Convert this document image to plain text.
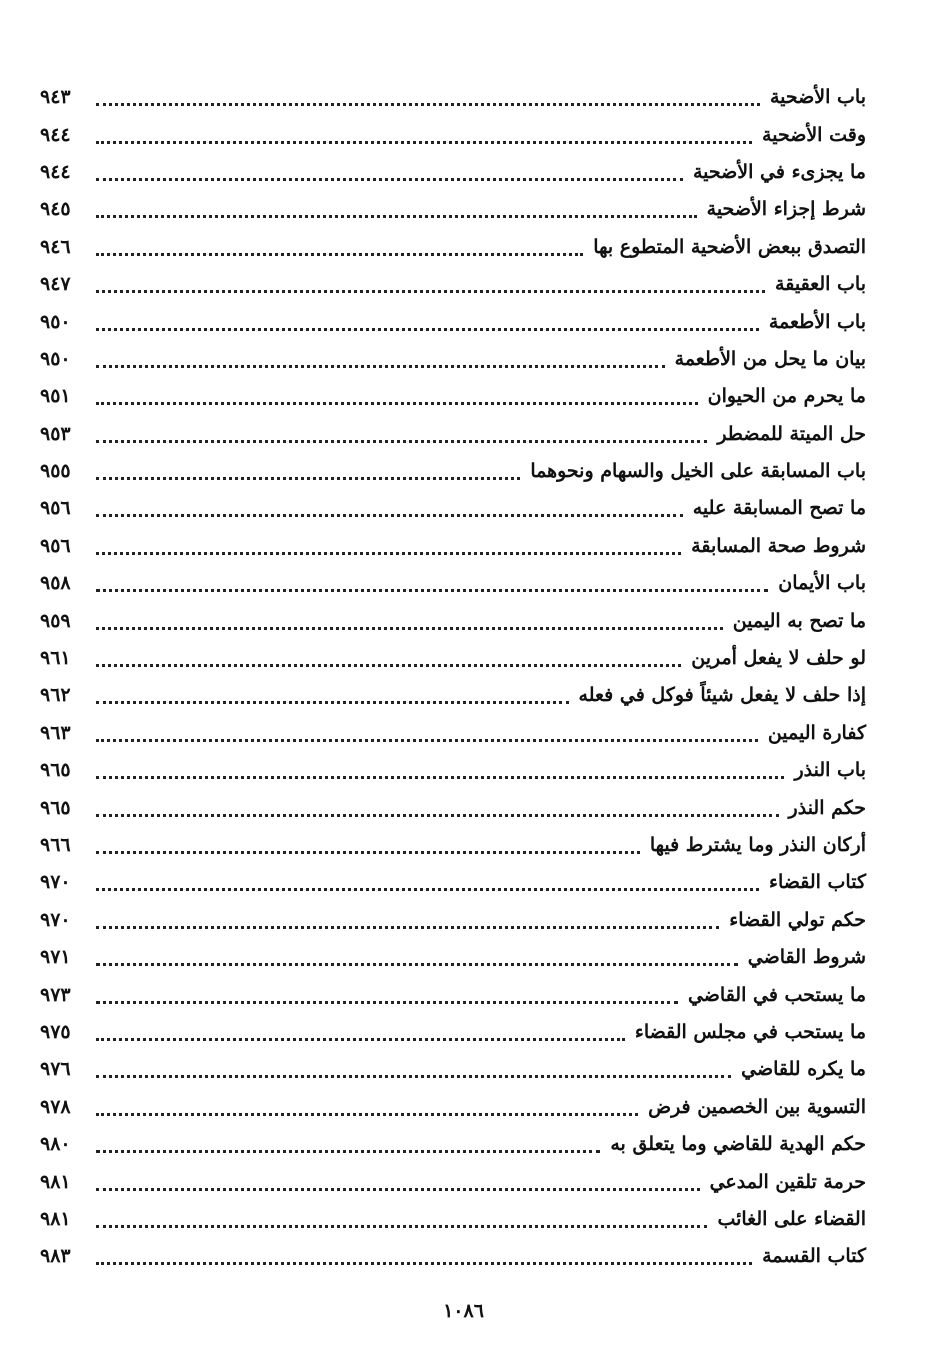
باب الأضحية
٩٤٣
وقت الأضحية
٩٤٤
ما يجزىء في الأضحية
٩٤٤
شرط إجزاء الأضحية
٩٤٥
التصدق ببعض الأضحية المتطوع بها
٩٤٦
باب العقيقة
٩٤٧
باب الأطعمة
٩٥٠
بيان ما يحل من الأطعمة
٩٥٠
ما يحرم من الحيوان
٩٥١
حل الميتة للمضطر
٩٥٣
باب المسابقة على الخيل والسهام ونحوهما
٩٥٥
ما تصح المسابقة عليه
٩٥٦
شروط صحة المسابقة
٩٥٦
باب الأيمان
٩٥٨
ما تصح به اليمين
٩٥٩
لو حلف لا يفعل أمرين
٩٦١
إذا حلف لا يفعل شيئاً فوكل في فعله
٩٦٢
كفارة اليمين
٩٦٣
باب النذر
٩٦٥
حكم النذر
٩٦٥
أركان النذر وما يشترط فيها
٩٦٦
كتاب القضاء
٩٧٠
حكم تولي القضاء
٩٧٠
شروط القاضي
٩٧١
ما يستحب في القاضي
٩٧٣
ما يستحب في مجلس القضاء
٩٧٥
ما يكره للقاضي
٩٧٦
التسوية بين الخصمين فرض
٩٧٨
حكم الهدية للقاضي وما يتعلق به
٩٨٠
حرمة تلقين المدعي
٩٨١
القضاء على الغائب
٩٨١
كتاب القسمة
٩٨٣
١٠٨٦
